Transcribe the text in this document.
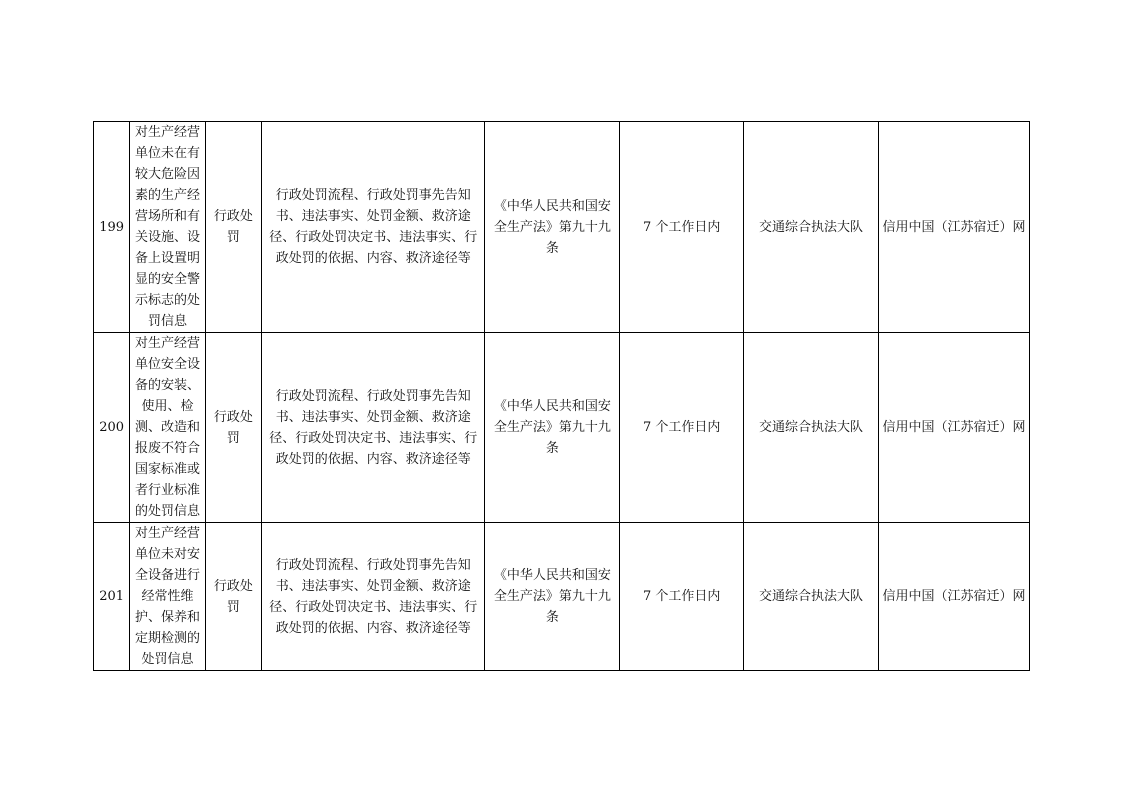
199	对生产经营单位未在有较大危险因素的生产经营场所和有关设施、设备上设置明显的安全警示标志的处罚信息	行政处罚	行政处罚流程、行政处罚事先告知书、违法事实、处罚金额、救济途径、行政处罚决定书、违法事实、行政处罚的依据、内容、救济途径等	《中华人民共和国安全生产法》第九十九条	7 个工作日内	交通综合执法大队	信用中国（江苏宿迁）网
200	对生产经营单位安全设备的安装、使用、检测、改造和报废不符合国家标准或者行业标准的处罚信息	行政处罚	行政处罚流程、行政处罚事先告知书、违法事实、处罚金额、救济途径、行政处罚决定书、违法事实、行政处罚的依据、内容、救济途径等	《中华人民共和国安全生产法》第九十九条	7 个工作日内	交通综合执法大队	信用中国（江苏宿迁）网
201	对生产经营单位未对安全设备进行经常性维护、保养和定期检测的处罚信息	行政处罚	行政处罚流程、行政处罚事先告知书、违法事实、处罚金额、救济途径、行政处罚决定书、违法事实、行政处罚的依据、内容、救济途径等	《中华人民共和国安全生产法》第九十九条	7 个工作日内	交通综合执法大队	信用中国（江苏宿迁）网
